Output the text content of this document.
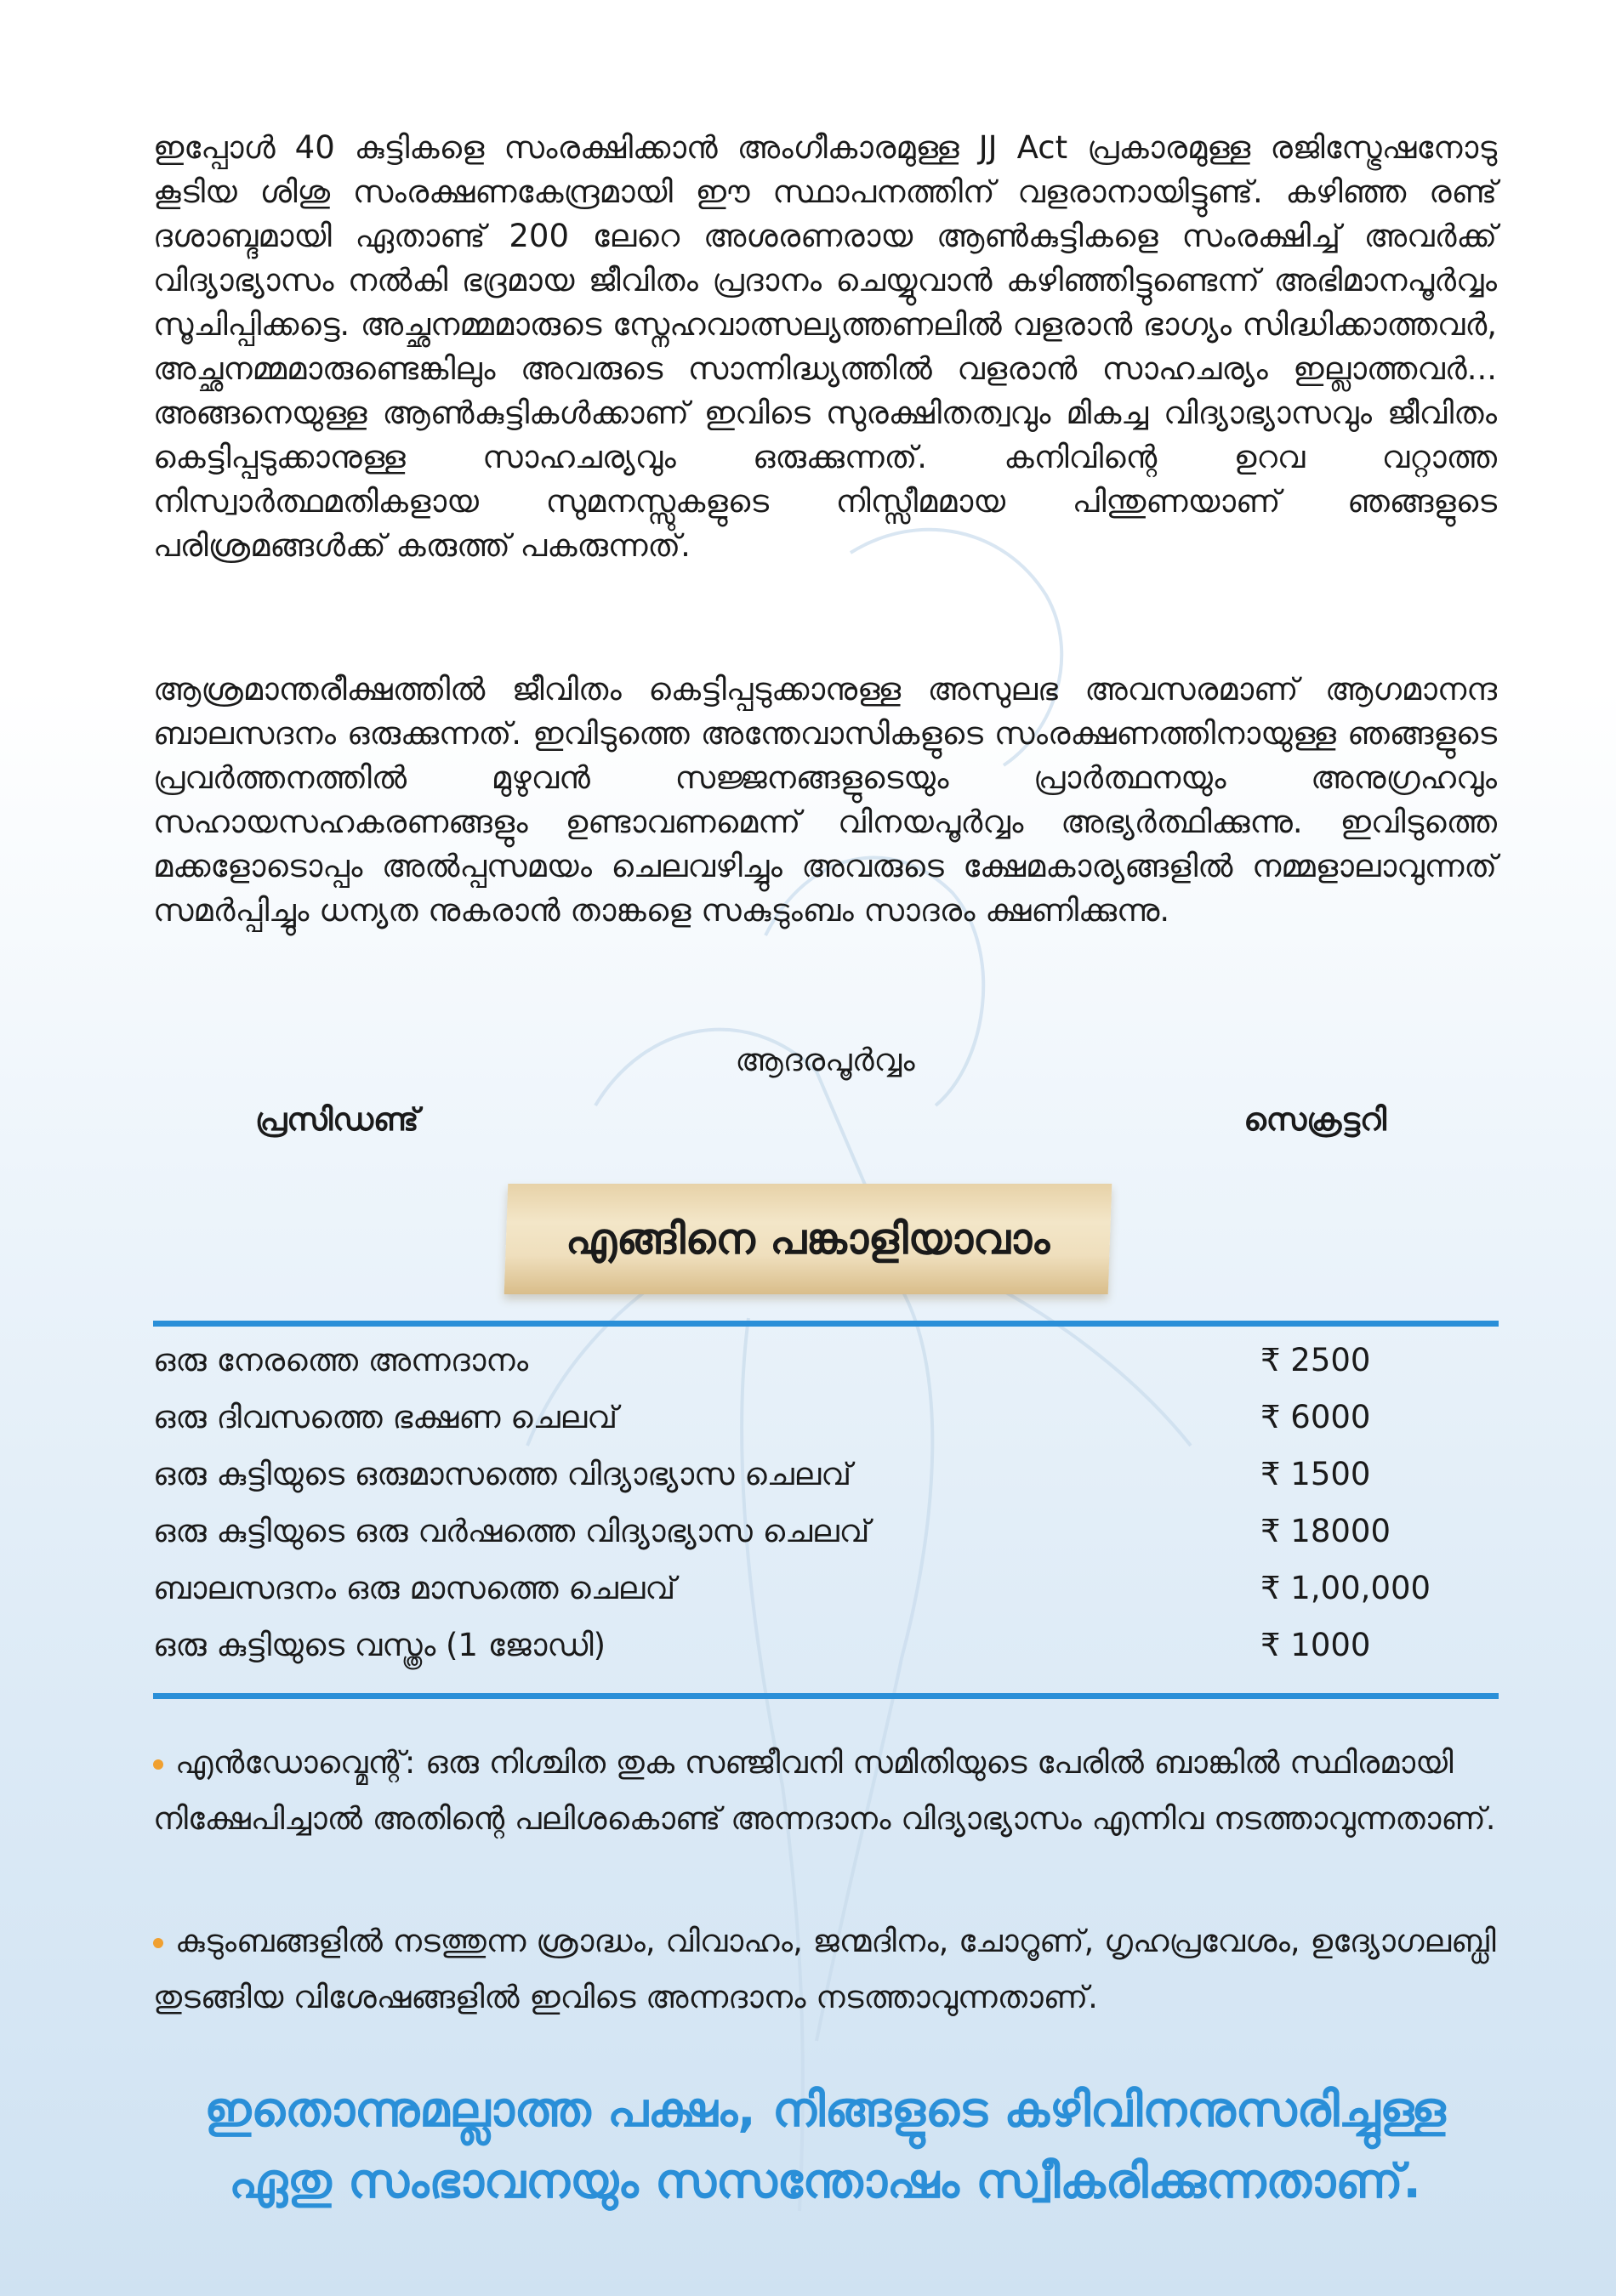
ഇപ്പോൾ 40 കുട്ടികളെ സംരക്ഷിക്കാൻ അംഗീകാരമുള്ള JJ Act പ്രകാരമുള്ള രജിസ്ട്രേഷനോടു കൂടിയ ശിശു സംരക്ഷണകേന്ദ്രമായി ഈ സ്ഥാപനത്തിന് വളരാനായിട്ടുണ്ട്. കഴിഞ്ഞ രണ്ട് ദശാബ്ദമായി ഏതാണ്ട് 200 ലേറെ അശരണരായ ആൺകുട്ടികളെ സംരക്ഷിച്ച് അവർക്ക് വിദ്യാഭ്യാസം നൽകി ഭദ്രമായ ജീവിതം പ്രദാനം ചെയ്യുവാൻ കഴിഞ്ഞിട്ടുണ്ടെന്ന് അഭിമാനപൂർവ്വം സൂചിപ്പിക്കട്ടെ. അച്ഛനമ്മമാരുടെ സ്നേഹവാത്സല്യത്തണലിൽ വളരാൻ ഭാഗ്യം സിദ്ധിക്കാത്തവർ, അച്ഛനമ്മമാരുണ്ടെങ്കിലും അവരുടെ സാന്നിദ്ധ്യത്തിൽ വളരാൻ സാഹചര്യം ഇല്ലാത്തവർ... അങ്ങനെയുള്ള ആൺകുട്ടികൾക്കാണ് ഇവിടെ സുരക്ഷിതത്വവും മികച്ച വിദ്യാഭ്യാസവും ജീവിതം കെട്ടിപ്പടുക്കാനുള്ള സാഹചര്യവും ഒരുക്കുന്നത്. കനിവിന്റെ ഉറവ വറ്റാത്ത നിസ്വാർത്ഥമതികളായ സുമനസ്സുകളുടെ നിസ്സീമമായ പിന്തുണയാണ് ഞങ്ങളുടെ പരിശ്രമങ്ങൾക്ക് കരുത്ത് പകരുന്നത്.

ആശ്രമാന്തരീക്ഷത്തിൽ ജീവിതം കെട്ടിപ്പടുക്കാനുള്ള അസുലഭ അവസരമാണ് ആഗമാനന്ദ ബാലസദനം ഒരുക്കുന്നത്. ഇവിടുത്തെ അന്തേവാസികളുടെ സംരക്ഷണത്തിനായുള്ള ഞങ്ങളുടെ പ്രവർത്തനത്തിൽ മുഴുവൻ സജ്ജനങ്ങളുടെയും പ്രാർത്ഥനയും അനുഗ്രഹവും സഹായസഹകരണങ്ങളും ഉണ്ടാവണമെന്ന് വിനയപൂർവ്വം അഭ്യർത്ഥിക്കുന്നു. ഇവിടുത്തെ മക്കളോടൊപ്പം അൽപ്പസമയം ചെലവഴിച്ചും അവരുടെ ക്ഷേമകാര്യങ്ങളിൽ നമ്മളാലാവുന്നത് സമർപ്പിച്ചും ധന്യത നുകരാൻ താങ്കളെ സകുടുംബം സാദരം ക്ഷണിക്കുന്നു.

ആദരപൂർവ്വം
പ്രസിഡണ്ട്	സെക്രട്ടറി
എങ്ങിനെ പങ്കാളിയാവാം
ഒരു നേരത്തെ അന്നദാനം	₹ 2500
ഒരു ദിവസത്തെ ഭക്ഷണ ചെലവ്	₹ 6000
ഒരു കുട്ടിയുടെ ഒരുമാസത്തെ വിദ്യാഭ്യാസ ചെലവ്	₹ 1500
ഒരു കുട്ടിയുടെ ഒരു വർഷത്തെ വിദ്യാഭ്യാസ ചെലവ്	₹ 18000
ബാലസദനം ഒരു മാസത്തെ ചെലവ്	₹ 1,00,000
ഒരു കുട്ടിയുടെ വസ്ത്രം (1 ജോഡി)	₹ 1000
എൻഡോവ്മെന്റ്: ഒരു നിശ്ചിത തുക സഞ്ജീവനി സമിതിയുടെ പേരിൽ ബാങ്കിൽ സ്ഥിരമായി നിക്ഷേപിച്ചാൽ അതിന്റെ പലിശകൊണ്ട് അന്നദാനം വിദ്യാഭ്യാസം എന്നിവ നടത്താവുന്നതാണ്.
കുടുംബങ്ങളിൽ നടത്തുന്ന ശ്രാദ്ധം, വിവാഹം, ജന്മദിനം, ചോറൂണ്, ഗൃഹപ്രവേശം, ഉദ്യോഗലബ്ധി തുടങ്ങിയ വിശേഷങ്ങളിൽ ഇവിടെ അന്നദാനം നടത്താവുന്നതാണ്.
ഇതൊന്നുമല്ലാത്ത പക്ഷം, നിങ്ങളുടെ കഴിവിനനുസരിച്ചുള്ള
ഏതു സംഭാവനയും സസന്തോഷം സ്വീകരിക്കുന്നതാണ്.
